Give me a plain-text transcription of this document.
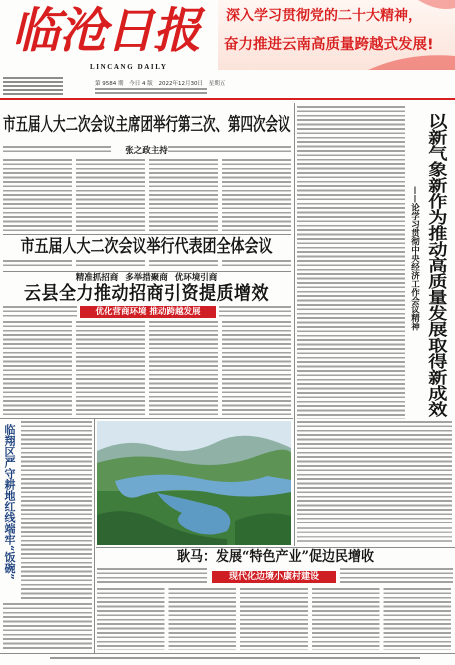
临沧日报
LINCANG DAILY
第 9584 期 今日 4 版 2022年12月30日 星期五
深入学习贯彻党的二十大精神，
奋力推进云南高质量跨越式发展!
市五届人大二次会议主席团举行第三次、第四次会议
张之政主持
市五届人大二次会议举行代表团全体会议
精准抓招商 多举措聚商 优环境引商
云县全力推动招商引资提质增效
优化营商环境 推动跨越发展
临翔区严守耕地红线端牢“饭碗”
以新气象新作为推动高质量发展取得新成效
——论学习贯彻中央经济工作会议精神
耿马：发展“特色产业”促边民增收
现代化边境小康村建设
